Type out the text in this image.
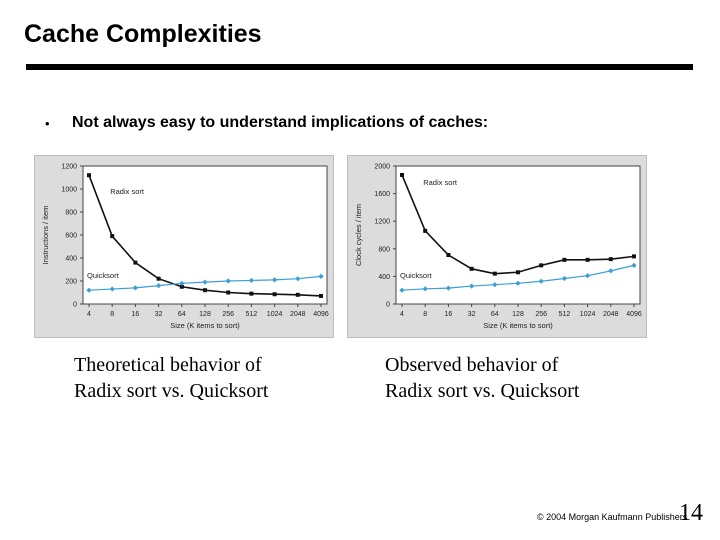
Cache Complexities
• Not always easy to understand implications of caches:
0
200
400
600
800
1000
1200
4	8 16 32 64 128 256 512 1024 2048 4096
Size (K items to sort)
Instructions / item
Radix sort
Quicksort
0
400
800
1200
1600
2000
4	8 16 32 64 128 256 512 1024 2048 4096
Size (K items to sort)
Clock cycles / item
Radix sort
Quicksort
Theoretical behavior of
Radix sort vs. Quicksort
Observed behavior of
Radix sort vs. Quicksort
© 2004 Morgan Kaufmann Publishers
14
